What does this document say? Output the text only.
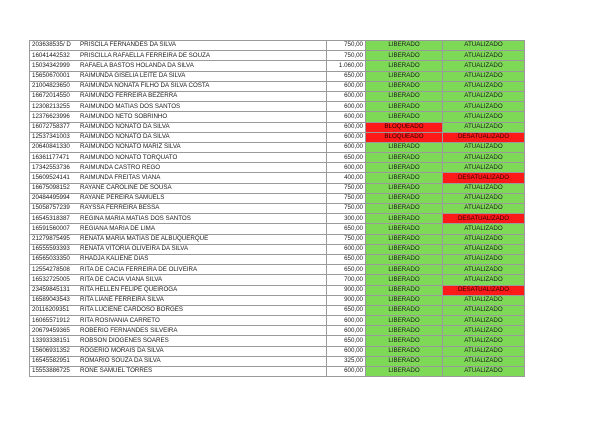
203638535/ D	PRISCILA FERNANDES DA SILVA	750,00	LIBERADO	ATUALIZADO
16041442532	PRISCILLA RAFAELLA FERREIRA DE SOUZA	750,00	LIBERADO	ATUALIZADO
15034342999	RAFAELA BASTOS HOLANDA DA SILVA	1.060,00	LIBERADO	ATUALIZADO
15650670001	RAIMUNDA GISELIA LEITE DA SILVA	650,00	LIBERADO	ATUALIZADO
21004823650	RAIMUNDA NONATA FILHO DA SILVA COSTA	600,00	LIBERADO	ATUALIZADO
16672014550	RAIMUNDO FERREIRA BEZERRA	600,00	LIBERADO	ATUALIZADO
12308213255	RAIMUNDO MATIAS DOS SANTOS	600,00	LIBERADO	ATUALIZADO
12376623996	RAIMUNDO NETO SOBRINHO	600,00	LIBERADO	ATUALIZADO
16072758377	RAIMUNDO NONATO DA SILVA	600,00	BLOQUEADO	ATUALIZADO
12537341003	RAIMUNDO NONATO DA SILVA	600,00	BLOQUEADO	DESATUALIZADO
20640841330	RAIMUNDO NONATO MARIZ SILVA	600,00	LIBERADO	ATUALIZADO
16361177471	RAIMUNDO NONATO TORQUATO	650,00	LIBERADO	ATUALIZADO
17342553736	RAIMUNDA CASTRO REGO	600,00	LIBERADO	ATUALIZADO
15609524141	RAIMUNDA FREITAS VIANA	400,00	LIBERADO	DESATUALIZADO
16675098152	RAYANE CAROLINE DE SOUSA	750,00	LIBERADO	ATUALIZADO
20484495994	RAYANE PEREIRA SAMUELS	750,00	LIBERADO	ATUALIZADO
15058757239	RAYSSA FERREIRA BESSA	750,00	LIBERADO	ATUALIZADO
16545318387	REGINA MARIA MATIAS DOS SANTOS	300,00	LIBERADO	DESATUALIZADO
16591560007	REGIANA MARIA DE LIMA	650,00	LIBERADO	ATUALIZADO
21279875495	RENATA MARIA MATIAS DE ALBUQUERQUE	750,00	LIBERADO	ATUALIZADO
16555593393	RENATA VITORIA OLIVEIRA DA SILVA	600,00	LIBERADO	ATUALIZADO
16565033350	RHADJA KALIENE DIAS	650,00	LIBERADO	ATUALIZADO
12554278508	RITA DE CACIA FERREIRA DE OLIVEIRA	650,00	LIBERADO	ATUALIZADO
16532725005	RITA DE CACIA VIANA SILVA	700,00	LIBERADO	ATUALIZADO
23459845131	RITA HELLEN FELIPE QUEIROGA	900,00	LIBERADO	DESATUALIZADO
16589043543	RITA LIANE FERREIRA SILVA	900,00	LIBERADO	ATUALIZADO
20116209351	RITA LUCIENE CARDOSO BORGES	650,00	LIBERADO	ATUALIZADO
16065571912	RITA ROSIVANIA CARRETO	600,00	LIBERADO	ATUALIZADO
20679459365	ROBERIO FERNANDES SILVEIRA	600,00	LIBERADO	ATUALIZADO
13393338151	ROBSON DIOGENES SOARES	650,00	LIBERADO	ATUALIZADO
15606931352	ROGERIO MORAIS DA SILVA	600,00	LIBERADO	ATUALIZADO
16545582951	ROMARIO SOUZA DA SILVA	325,00	LIBERADO	ATUALIZADO
15553886725	RONE SAMUEL TORRES	600,00	LIBERADO	ATUALIZADO
